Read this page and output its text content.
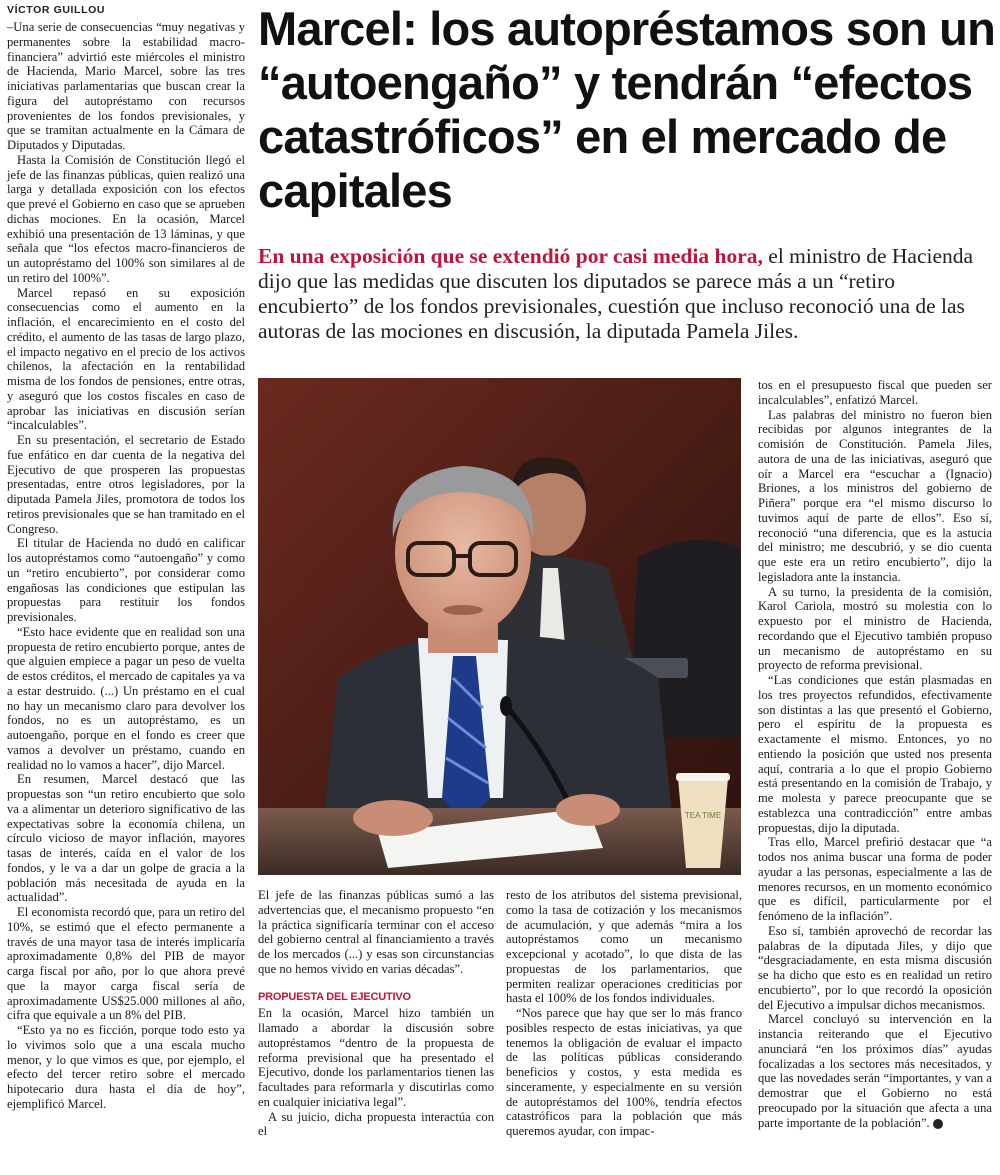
VÍCTOR GUILLOU	Marcel: los autopréstamos son un “autoengaño” y tendrán “efectos catastróficos” en el mercado de capitales

En una exposición que se extendió por casi media hora, el ministro de Hacienda dijo que las medidas que discuten los diputados se parece más a un “retiro encubierto” de los fondos previsionales, cuestión que incluso reconoció una de las autoras de las mociones en discusión, la diputada Pamela Jiles.

–Una serie de consecuencias “muy negativas y permanentes sobre la estabilidad macro-financiera” advirtió este miércoles el ministro de Hacienda, Mario Marcel, sobre las tres iniciativas parlamentarias que buscan crear la figura del autopréstamo con recursos provenientes de los fondos previsionales, y que se tramitan actualmente en la Cámara de Diputados y Diputadas.

Hasta la Comisión de Constitución llegó el jefe de las finanzas públicas, quien realizó una larga y detallada exposición con los efectos que prevé el Gobierno en caso que se aprueben dichas mociones. En la ocasión, Marcel exhibió una presentación de 13 láminas, y que señala que “los efectos macro-financieros de un autopréstamo del 100% son similares al de un retiro del 100%”.

Marcel repasó en su exposición consecuencias como el aumento en la inflación, el encarecimiento en el costo del crédito, el aumento de las tasas de largo plazo, el impacto negativo en el precio de los activos chilenos, la afectación en la rentabilidad misma de los fondos de pensiones, entre otras, y aseguró que los costos fiscales en caso de aprobar las iniciativas en discusión serían “incalculables”.

En su presentación, el secretario de Estado fue enfático en dar cuenta de la negativa del Ejecutivo de que prosperen las propuestas presentadas, entre otros legisladores, por la diputada Pamela Jiles, promotora de todos los retiros previsionales que se han tramitado en el Congreso.

El titular de Hacienda no dudó en calificar los autopréstamos como “autoengaño” y como un “retiro encubierto”, por considerar como engañosas las condiciones que estipulan las propuestas para restituir los fondos previsionales.

“Esto hace evidente que en realidad son una propuesta de retiro encubierto porque, antes de que alguien empiece a pagar un peso de vuelta de estos créditos, el mercado de capitales ya va a estar destruido. (...) Un préstamo en el cual no hay un mecanismo claro para devolver los fondos, no es un autopréstamo, es un autoengaño, porque en el fondo es creer que vamos a devolver un préstamo, cuando en realidad no lo vamos a hacer”, dijo Marcel.

En resumen, Marcel destacó que las propuestas son “un retiro encubierto que solo va a alimentar un deterioro significativo de las expectativas sobre la economía chilena, un círculo vicioso de mayor inflación, mayores tasas de interés, caída en el valor de los fondos, y le va a dar un golpe de gracia a la población más necesitada de ayuda en la actualidad”.

El economista recordó que, para un retiro del 10%, se estimó que el efecto permanente a través de una mayor tasa de interés implicaría aproximadamente 0,8% del PIB de mayor carga fiscal por año, por lo que ahora prevé que la mayor carga fiscal sería de aproximadamente US$25.000 millones al año, cifra que equivale a un 8% del PIB.

“Esto ya no es ficción, porque todo esto ya lo vivimos solo que a una escala mucho menor, y lo que vimos es que, por ejemplo, el efecto del tercer retiro sobre el mercado hipotecario dura hasta el día de hoy”, ejemplificó Marcel.

TEA TIME

tos en el presupuesto fiscal que pueden ser incalculables”, enfatizó Marcel.

Las palabras del ministro no fueron bien recibidas por algunos integrantes de la comisión de Constitución. Pamela Jiles, autora de una de las iniciativas, aseguró que oír a Marcel era “escuchar a (Ignacio) Briones, a los ministros del gobierno de Piñera” porque era “el mismo discurso lo tuvimos aquí de parte de ellos”. Eso sí, reconoció “una diferencia, que es la astucia del ministro; me descubrió, y se dio cuenta que este era un retiro encubierto”, dijo la legisladora ante la instancia.

A su turno, la presidenta de la comisión, Karol Cariola, mostró su molestia con lo expuesto por el ministro de Hacienda, recordando que el Ejecutivo también propuso un mecanismo de autopréstamo en su proyecto de reforma previsional.

“Las condiciones que están plasmadas en los tres proyectos refundidos, efectivamente son distintas a las que presentó el Gobierno, pero el espíritu de la propuesta es exactamente el mismo. Entonces, yo no entiendo la posición que usted nos presenta aquí, contraria a lo que el propio Gobierno está presentando en la comisión de Trabajo, y me molesta y parece preocupante que se establezca una contradicción” entre ambas propuestas, dijo la diputada.

Tras ello, Marcel prefirió destacar que “a todos nos anima buscar una forma de poder ayudar a las personas, especialmente a las de menores recursos, en un momento económico que es difícil, particularmente por el fenómeno de la inflación”.

Eso sí, también aprovechó de recordar las palabras de la diputada Jiles, y dijo que “desgraciadamente, en esta misma discusión se ha dicho que esto es en realidad un retiro encubierto”, por lo que recordó la oposición del Ejecutivo a impulsar dichos mecanismos.

Marcel concluyó su intervención en la instancia reiterando que el Ejecutivo anunciará “en los próximos días” ayudas focalizadas a los sectores más necesitados, y que las novedades serán “importantes, y van a demostrar que el Gobierno no está preocupado por la situación que afecta a una parte importante de la población”. P

El jefe de las finanzas públicas sumó a las advertencias que, el mecanismo propuesto “en la práctica significaría terminar con el acceso del gobierno central al financiamiento a través de los mercados (...) y esas son circunstancias que no hemos vivido en varias décadas”.

PROPUESTA DEL EJECUTIVO

En la ocasión, Marcel hizo también un llamado a abordar la discusión sobre autopréstamos “dentro de la propuesta de reforma previsional que ha presentado el Ejecutivo, donde los parlamentarios tienen las facultades para reformarla y discutirlas como en cualquier iniciativa legal”.

A su juicio, dicha propuesta interactúa con el

resto de los atributos del sistema previsional, como la tasa de cotización y los mecanismos de acumulación, y que además “mira a los autopréstamos como un mecanismo excepcional y acotado”, lo que dista de las propuestas de los parlamentarios, que permiten realizar operaciones crediticias por hasta el 100% de los fondos individuales.

“Nos parece que hay que ser lo más franco posibles respecto de estas iniciativas, ya que tenemos la obligación de evaluar el impacto de las políticas públicas considerando beneficios y costos, y esta medida es sinceramente, y especialmente en su versión de autopréstamos del 100%, tendría efectos catastróficos para la población que más queremos ayudar, con impac-
